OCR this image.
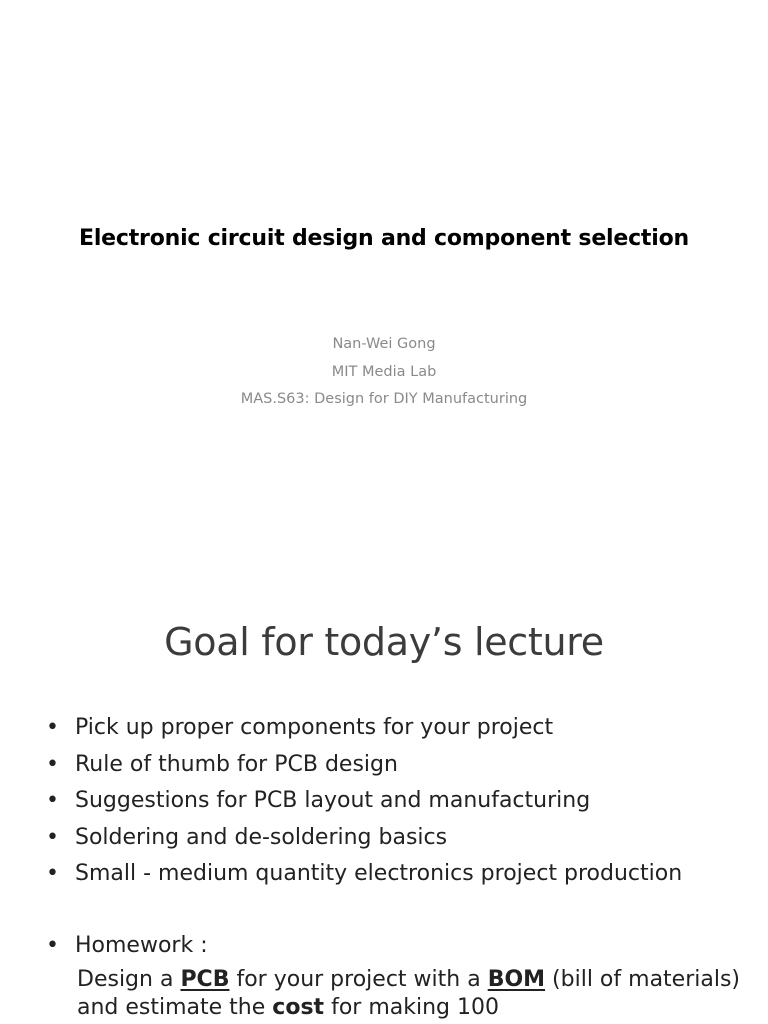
Electronic circuit design and component selection
Nan-Wei Gong
MIT Media Lab
MAS.S63: Design for DIY Manufacturing
Goal for today’s lecture
• Pick up proper components for your project
• Rule of thumb for PCB design
• Suggestions for PCB layout and manufacturing
• Soldering and de-soldering basics
• Small - medium quantity electronics project production
• Homework :
Design a PCB for your project with a BOM (bill of materials) and estimate the cost for making 100
